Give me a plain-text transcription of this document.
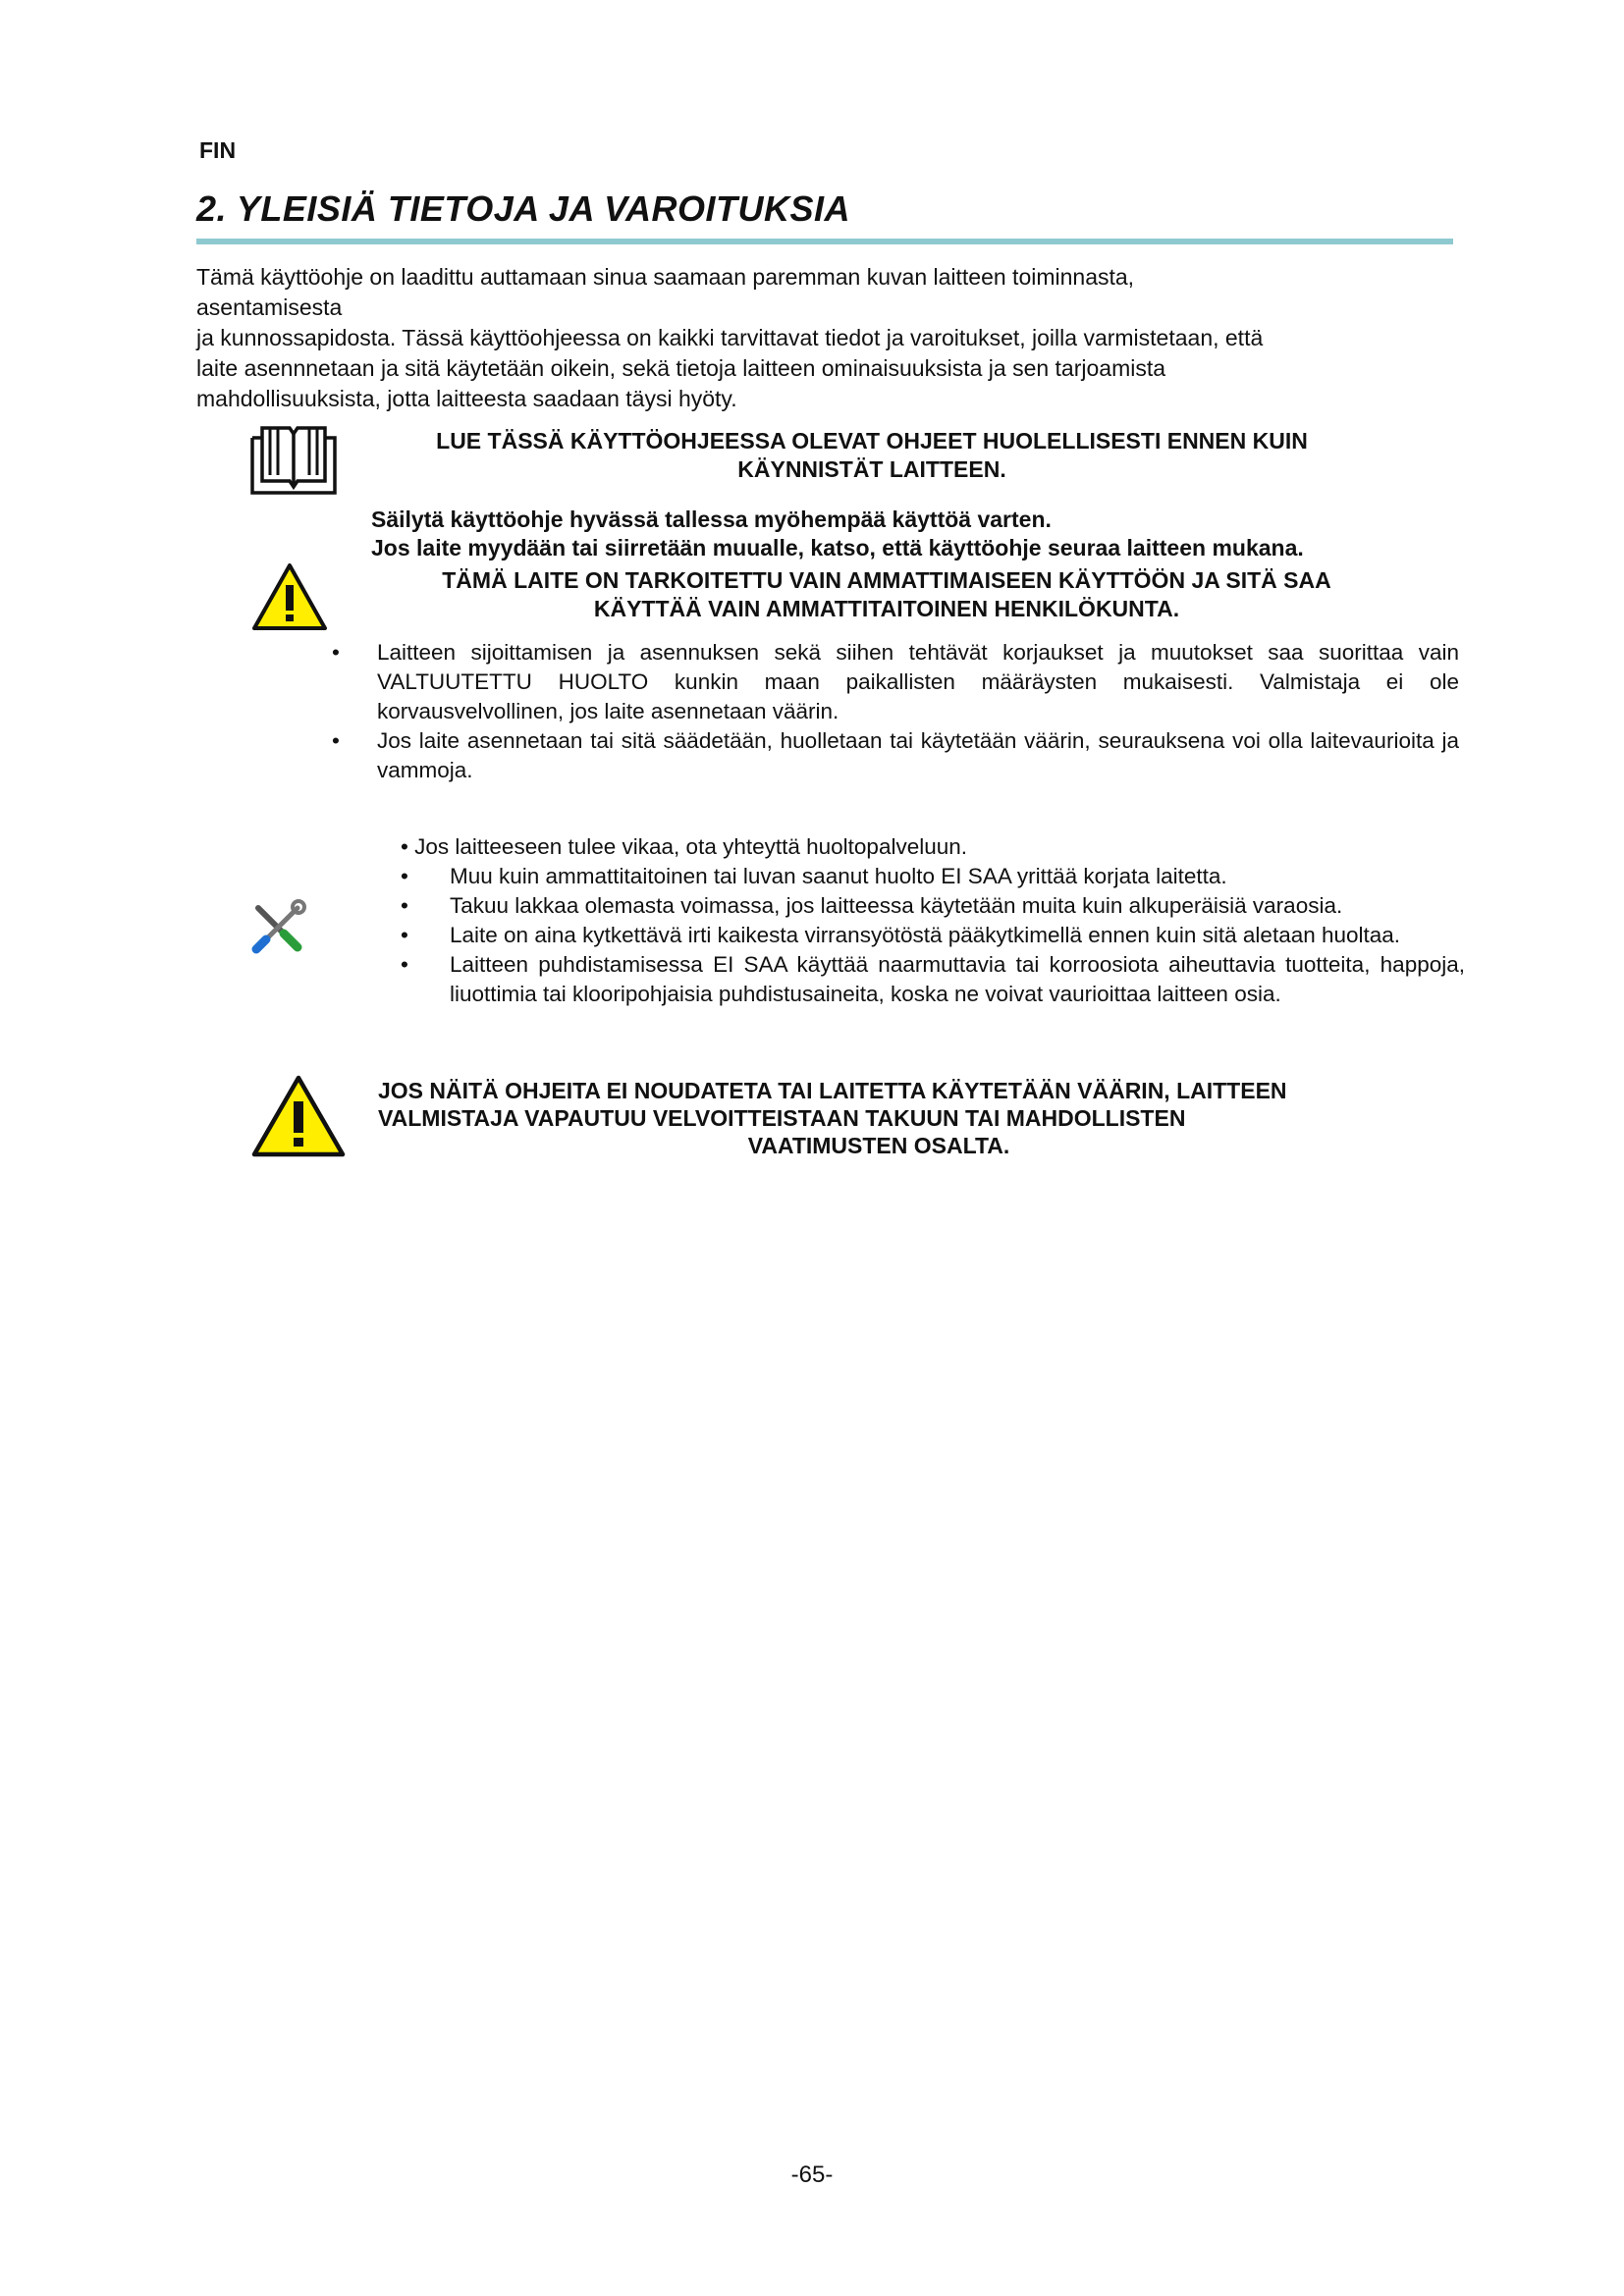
FIN
2. YLEISIÄ TIETOJA JA VAROITUKSIA
Tämä käyttöohje on laadittu auttamaan sinua saamaan paremman kuvan laitteen toiminnasta,
asentamisesta
ja kunnossapidosta. Tässä käyttöohjeessa on kaikki tarvittavat tiedot ja varoitukset, joilla varmistetaan, että
laite asennnetaan ja sitä käytetään oikein, sekä tietoja laitteen ominaisuuksista ja sen tarjoamista
mahdollisuuksista, jotta laitteesta saadaan täysi hyöty.
LUE TÄSSÄ KÄYTTÖOHJEESSA OLEVAT OHJEET HUOLELLISESTI ENNEN KUIN
KÄYNNISTÄT LAITTEEN.
Säilytä käyttöohje hyvässä tallessa myöhempää käyttöä varten.
Jos laite myydään tai siirretään muualle, katso, että käyttöohje seuraa laitteen mukana.
TÄMÄ LAITE ON TARKOITETTU VAIN AMMATTIMAISEEN KÄYTTÖÖN JA SITÄ SAA
KÄYTTÄÄ VAIN AMMATTITAITOINEN HENKILÖKUNTA.
• Laitteen sijoittamisen ja asennuksen sekä siihen tehtävät korjaukset ja muutokset saa suorittaa vain VALTUUTETTU HUOLTO kunkin maan paikallisten määräysten mukaisesti. Valmistaja ei ole korvausvelvollinen, jos laite asennetaan väärin.
• Jos laite asennetaan tai sitä säädetään, huolletaan tai käytetään väärin, seurauksena voi olla laitevaurioita ja vammoja.
• Jos laitteeseen tulee vikaa, ota yhteyttä huoltopalveluun.
• Muu kuin ammattitaitoinen tai luvan saanut huolto EI SAA yrittää korjata laitetta.
• Takuu lakkaa olemasta voimassa, jos laitteessa käytetään muita kuin alkuperäisiä varaosia.
• Laite on aina kytkettävä irti kaikesta virransyötöstä pääkytkimellä ennen kuin sitä aletaan huoltaa.
• Laitteen puhdistamisessa EI SAA käyttää naarmuttavia tai korroosiota aiheuttavia tuotteita, happoja, liuottimia tai klooripohjaisia puhdistusaineita, koska ne voivat vaurioittaa laitteen osia.
JOS NÄITÄ OHJEITA EI NOUDATETA TAI LAITETTA KÄYTETÄÄN VÄÄRIN, LAITTEEN
VALMISTAJA VAPAUTUU VELVOITTEISTAAN TAKUUN TAI MAHDOLLISTEN
VAATIMUSTEN OSALTA.
-65-
